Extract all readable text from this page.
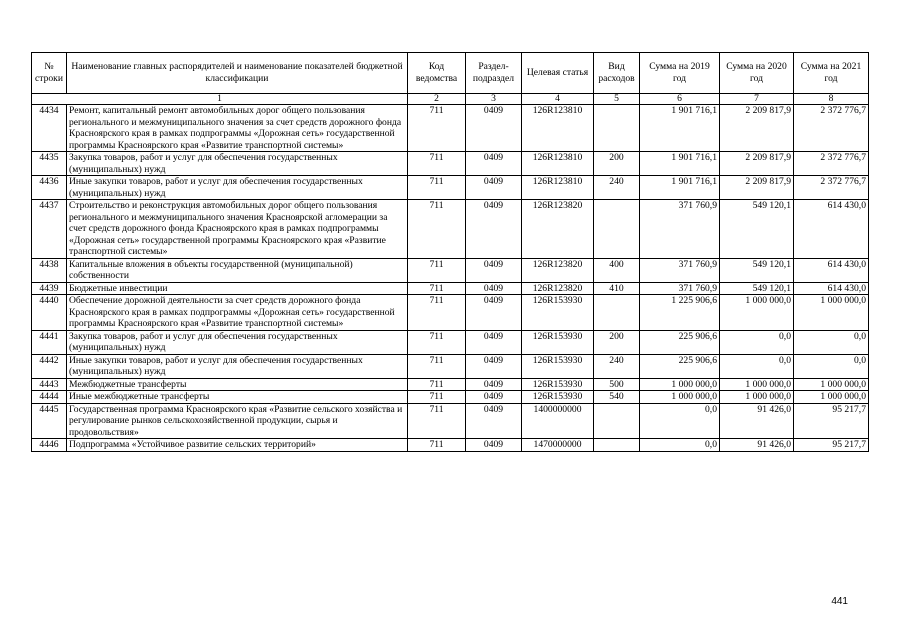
№ строки	Наименование главных распорядителей и наименование показателей бюджетной классификации	Код ведомства	Раздел- подраздел	Целевая статья	Вид расходов	Сумма на 2019 год	Сумма на 2020 год	Сумма на 2021 год
1		2	3	4	5	6	7	8
4434	Ремонт, капитальный ремонт автомобильных дорог общего пользования регионального и межмуниципального значения за счет средств дорожного фонда Красноярского края в рамках подпрограммы «Дорожная сеть» государственной программы Красноярского края «Развитие транспортной системы»	711	0409	126R123810		1 901 716,1	2 209 817,9	2 372 776,7
4435	Закупка товаров, работ и услуг для обеспечения государственных (муниципальных) нужд	711	0409	126R123810	200	1 901 716,1	2 209 817,9	2 372 776,7
4436	Иные закупки товаров, работ и услуг для обеспечения государственных (муниципальных) нужд	711	0409	126R123810	240	1 901 716,1	2 209 817,9	2 372 776,7
4437	Строительство и реконструкция автомобильных дорог общего пользования регионального и межмуниципального значения Красноярской агломерации за счет средств дорожного фонда Красноярского края в рамках подпрограммы «Дорожная сеть» государственной программы Красноярского края «Развитие транспортной системы»	711	0409	126R123820		371 760,9	549 120,1	614 430,0
4438	Капитальные вложения в объекты государственной (муниципальной) собственности	711	0409	126R123820	400	371 760,9	549 120,1	614 430,0
4439	Бюджетные инвестиции	711	0409	126R123820	410	371 760,9	549 120,1	614 430,0
4440	Обеспечение дорожной деятельности за счет средств дорожного фонда Красноярского края в рамках подпрограммы «Дорожная сеть» государственной программы Красноярского края «Развитие транспортной системы»	711	0409	126R153930		1 225 906,6	1 000 000,0	1 000 000,0
4441	Закупка товаров, работ и услуг для обеспечения государственных (муниципальных) нужд	711	0409	126R153930	200	225 906,6	0,0	0,0
4442	Иные закупки товаров, работ и услуг для обеспечения государственных (муниципальных) нужд	711	0409	126R153930	240	225 906,6	0,0	0,0
4443	Межбюджетные трансферты	711	0409	126R153930	500	1 000 000,0	1 000 000,0	1 000 000,0
4444	Иные межбюджетные трансферты	711	0409	126R153930	540	1 000 000,0	1 000 000,0	1 000 000,0
4445	Государственная программа Красноярского края «Развитие сельского хозяйства и регулирование рынков сельскохозяйственной продукции, сырья и продовольствия»	711	0409	1400000000		0,0	91 426,0	95 217,7
4446	Подпрограмма «Устойчивое развитие сельских территорий»	711	0409	1470000000		0,0	91 426,0	95 217,7
441
